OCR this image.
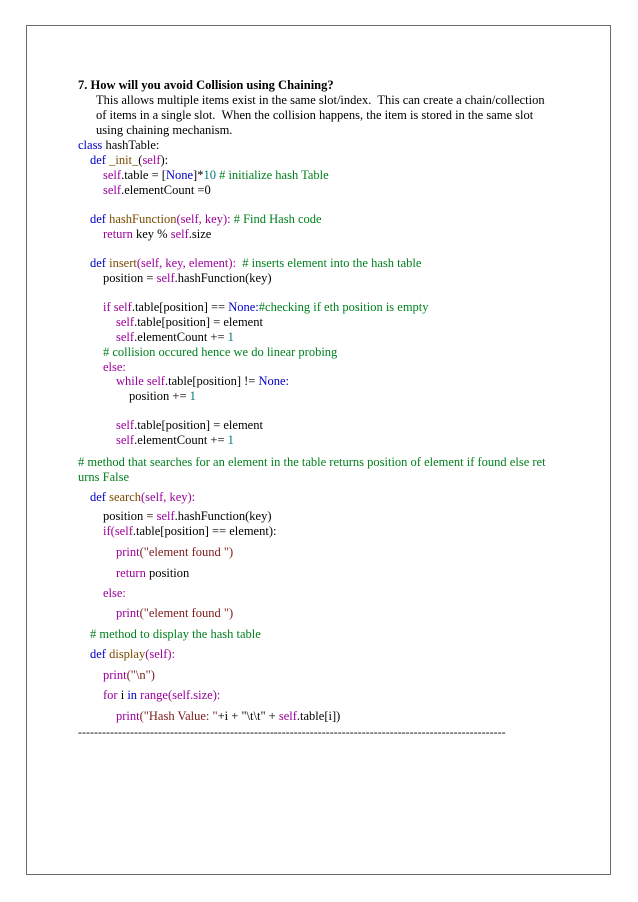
7. How will you avoid Collision using Chaining?
This allows multiple items exist in the same slot/index.  This can create a chain/collection
of items in a single slot.  When the collision happens, the item is stored in the same slot
using chaining mechanism.
class hashTable:
def _init_(self):
self.table = [None]*10 # initialize hash Table
self.elementCount =0
def hashFunction(self, key): # Find Hash code
return key % self.size
def insert(self, key, element):  # inserts element into the hash table
position = self.hashFunction(key)
if self.table[position] == None:#checking if eth position is empty
self.table[position] = element
self.elementCount += 1
# collision occured hence we do linear probing
else:
while self.table[position] != None:
position += 1
self.table[position] = element
self.elementCount += 1
# method that searches for an element in the table returns position of element if found else ret
urns False
def search(self, key):
position = self.hashFunction(key)
if(self.table[position] == element):
print("element found ")
return position
else:
print("element found ")
# method to display the hash table
def display(self):
print("\n")
for i in range(self.size):
print("Hash Value: "+i + "\t\t" + self.table[i])
-----------------------------------------------------------------------------------------------------------
